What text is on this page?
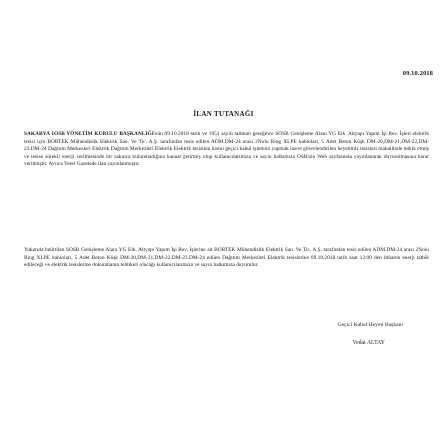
09.10.2018
İLAN TUTANAĞI

SAKARYA 1OSB YÖNETİM KURULU BAŞKANLIĞI'nün 09.10.2018 tarih ve 1051 sayılı talimatı gereğince SOSB Genişleme Alanı YG Elk. Altyapı Yapım İşi Rev. İşleri elektrik tesisi için BORTEK Mühendislik Elektrik San. Ve Tic. A.Ş. tarafından tesis edilen ADM.DM-24 arası 2Nolu Ring XLPE kabloları, 5 Adet Beton Köşk DM-20,DM-21,DM-22,DM-23.DM-24 Dağıtım Merkezleri Elektrik Dağıtım Merkezleri Elektrik Elektrik tesisinin kısmi geçici kabul işlemini yapmak üzere görevlendirilen heyetimiz tesisleri mahallinde tetkik etmiş ve tesise sürekli enerji verilmesinde bir sakınca bulunmadığına kanaat getirmiş olup kullanıcılarımıza ve sayın halkımıza OSB'nin Web sayfasında yayınlanarak duyurulmasına karar verilmiştir. Ayrıca Yerel Gazetede ilan yayınlanmıştır.

Yukarıda belirtilen SOSB Genişleme Alanı YG Elk. Altyapı Yapım İşi Rev. İşlerine ait BORTEK Mühendislik Elektrik San. Ve Tic. A.Ş. tarafından tesis edilen ADM.DM-24 arası 2Nolu Ring XLPE kabloları, 5 Adet Beton Köşk DM-20,DM-21,DM-22,DM-23.DM-24 edilen Dağıtım Merkezleri Elektrik tesislerine 09.10.2018 tarih saat 12:00 den itibaren enerji tatbik edileceği ve elektrik tesislerine dokunmanın tehlikeli olacağı kullanıcılarımıza ve sayın halkımıza duyurulur.

Geçici Kabul Heyeti Başkanı
Vedat ALTAY
